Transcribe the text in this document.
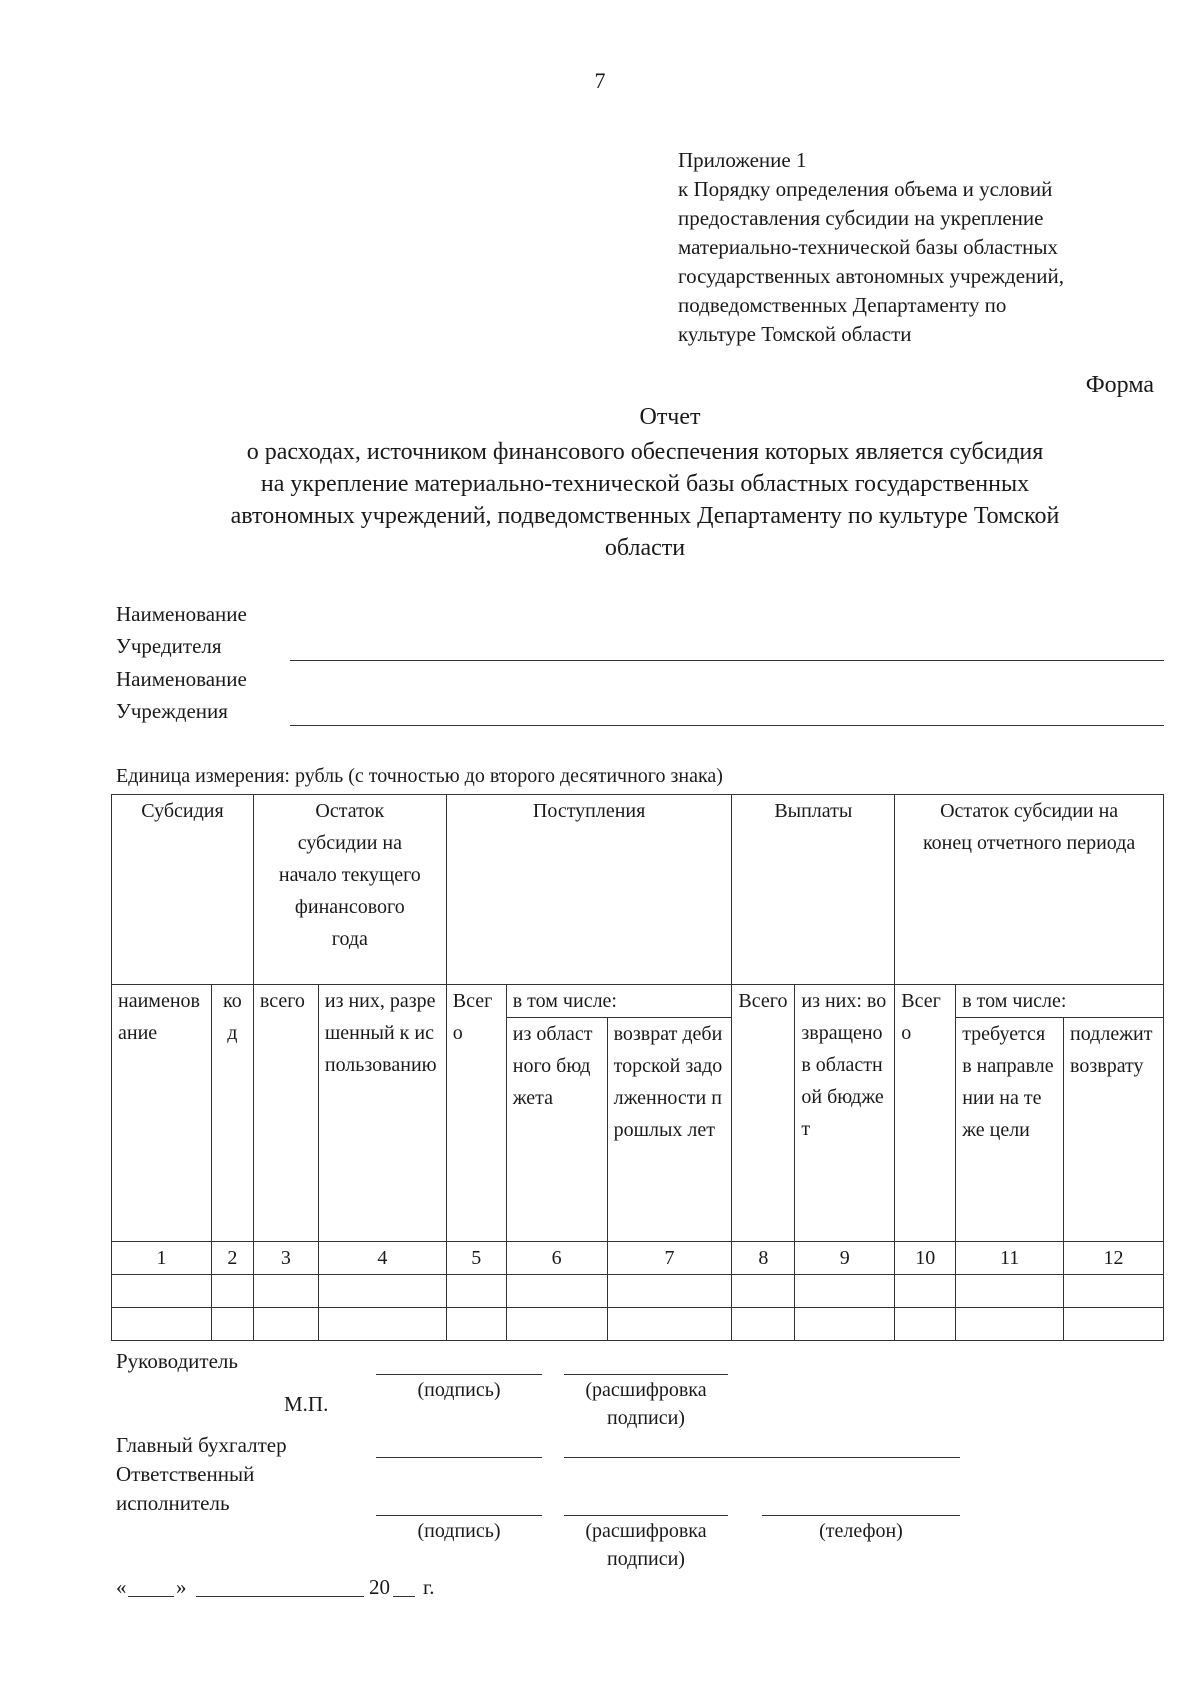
7
Приложение 1
к Порядку определения объема и условий
предоставления субсидии на укрепление
материально-технической базы областных
государственных автономных учреждений,
подведомственных Департаменту по
культуре Томской области
Форма
Отчет
о расходах, источником финансового обеспечения которых является субсидия
на укрепление материально-технической базы областных государственных
автономных учреждений, подведомственных Департаменту по культуре Томской
области
Наименование
Учредителя
Наименование
Учреждения
Единица измерения: рубль (с точностью до второго десятичного знака)
Субсидия		Остаток субсидии на начало текущего финансового года		Поступления			Выплаты		Остаток субсидии на конец отчетного периода		
наименование	код	всего	из них, разрешенный к использованию	Всего	в том числе:		Всего	из них: возвращено в областной бюджет	Всего	в том числе:	
					из областного бюджета	возврат дебиторской задолженности прошлых лет				требуется в направлении на те же цели	подлежит возврату
1	2	3	4	5	6	7	8	9	10	11	12

Руководитель
(подпись)	(расшифровка
подписи)
М.П.
Главный бухгалтер
Ответственный
исполнитель
(подпись)	(расшифровка
подписи)
(телефон)
« »	20 г.
